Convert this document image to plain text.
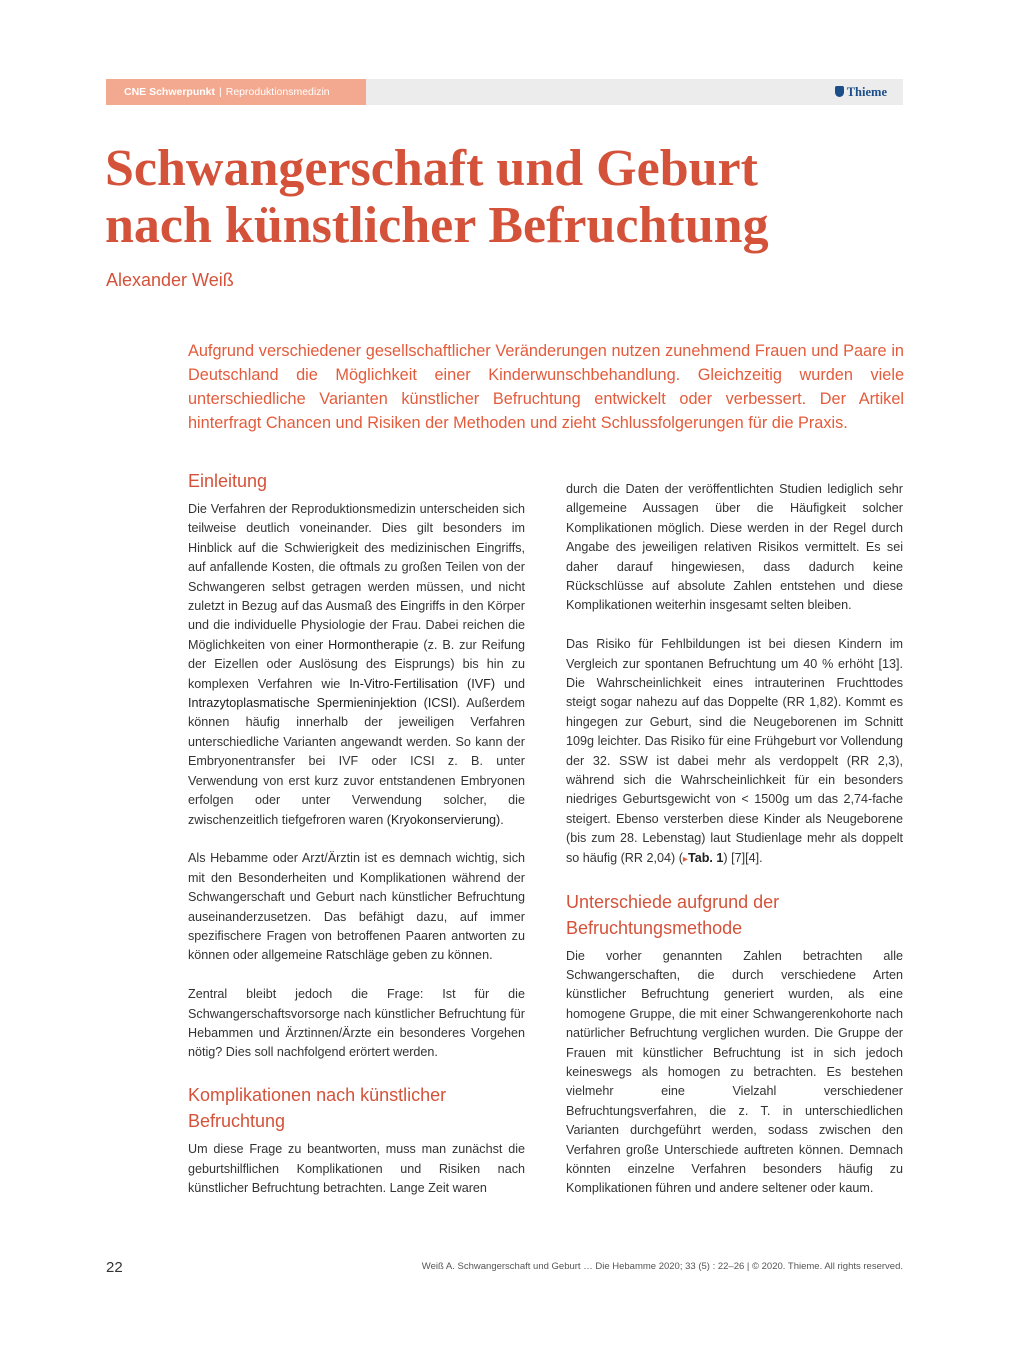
CNE Schwerpunkt | Reproduktionsmedizin	Thieme
Schwangerschaft und Geburt
nach künstlicher Befruchtung
Alexander Weiß
Aufgrund verschiedener gesellschaftlicher Veränderungen nutzen zunehmend Frauen und Paare in Deutschland die Möglichkeit einer Kinderwunschbehandlung. Gleichzeitig wurden viele unterschiedliche Varianten künstlicher Befruchtung entwickelt oder verbessert. Der Artikel hinterfragt Chancen und Risiken der Methoden und zieht Schlussfolgerungen für die Praxis.
Einleitung

Die Verfahren der Reproduktionsmedizin unterscheiden sich teilweise deutlich voneinander. Dies gilt besonders im Hinblick auf die Schwierigkeit des medizinischen Eingriffs, auf anfallende Kosten, die oftmals zu großen Teilen von der Schwangeren selbst getragen werden müssen, und nicht zuletzt in Bezug auf das Ausmaß des Eingriffs in den Körper und die individuelle Physiologie der Frau. Dabei reichen die Möglichkeiten von einer Hormontherapie (z. B. zur Reifung der Eizellen oder Auslösung des Eisprungs) bis hin zu komplexen Verfahren wie In-Vitro-Fertilisation (IVF) und Intrazytoplasmatische Spermieninjektion (ICSI). Außerdem können häufig innerhalb der jeweiligen Verfahren unterschiedliche Varianten angewandt werden. So kann der Embryonentransfer bei IVF oder ICSI z. B. unter Verwendung von erst kurz zuvor entstandenen Embryonen erfolgen oder unter Verwendung solcher, die zwischenzeitlich tiefgefroren waren (Kryokonservierung).

Als Hebamme oder Arzt/Ärztin ist es demnach wichtig, sich mit den Besonderheiten und Komplikationen während der Schwangerschaft und Geburt nach künstlicher Befruchtung auseinanderzusetzen. Das befähigt dazu, auf immer spezifischere Fragen von betroffenen Paaren antworten zu können oder allgemeine Ratschläge geben zu können.

Zentral bleibt jedoch die Frage: Ist für die Schwangerschaftsvorsorge nach künstlicher Befruchtung für Hebammen und Ärztinnen/Ärzte ein besonderes Vorgehen nötig? Dies soll nachfolgend erörtert werden.

Komplikationen nach künstlicher Befruchtung

Um diese Frage zu beantworten, muss man zunächst die geburtshilflichen Komplikationen und Risiken nach künstlicher Befruchtung betrachten. Lange Zeit waren

durch die Daten der veröffentlichten Studien lediglich sehr allgemeine Aussagen über die Häufigkeit solcher Komplikationen möglich. Diese werden in der Regel durch Angabe des jeweiligen relativen Risikos vermittelt. Es sei daher darauf hingewiesen, dass dadurch keine Rückschlüsse auf absolute Zahlen entstehen und diese Komplikationen weiterhin insgesamt selten bleiben.

Das Risiko für Fehlbildungen ist bei diesen Kindern im Vergleich zur spontanen Befruchtung um 40 % erhöht [13]. Die Wahrscheinlichkeit eines intrauterinen Fruchttodes steigt sogar nahezu auf das Doppelte (RR 1,82). Kommt es hingegen zur Geburt, sind die Neugeborenen im Schnitt 109g leichter. Das Risiko für eine Frühgeburt vor Vollendung der 32. SSW ist dabei mehr als verdoppelt (RR 2,3), während sich die Wahrscheinlichkeit für ein besonders niedriges Geburtsgewicht von < 1500g um das 2,74-fache steigert. Ebenso versterben diese Kinder als Neugeborene (bis zum 28. Lebenstag) laut Studienlage mehr als doppelt so häufig (RR 2,04) (▸Tab. 1) [7][4].

Unterschiede aufgrund der Befruchtungsmethode

Die vorher genannten Zahlen betrachten alle Schwangerschaften, die durch verschiedene Arten künstlicher Befruchtung generiert wurden, als eine homogene Gruppe, die mit einer Schwangerenkohorte nach natürlicher Befruchtung verglichen wurden. Die Gruppe der Frauen mit künstlicher Befruchtung ist in sich jedoch keineswegs als homogen zu betrachten. Es bestehen vielmehr eine Vielzahl verschiedener Befruchtungsverfahren, die z. T. in unterschiedlichen Varianten durchgeführt werden, sodass zwischen den Verfahren große Unterschiede auftreten können. Demnach könnten einzelne Verfahren besonders häufig zu Komplikationen führen und andere seltener oder kaum.

22	Weiß A. Schwangerschaft und Geburt … Die Hebamme 2020; 33 (5) : 22–26 | © 2020. Thieme. All rights reserved.
